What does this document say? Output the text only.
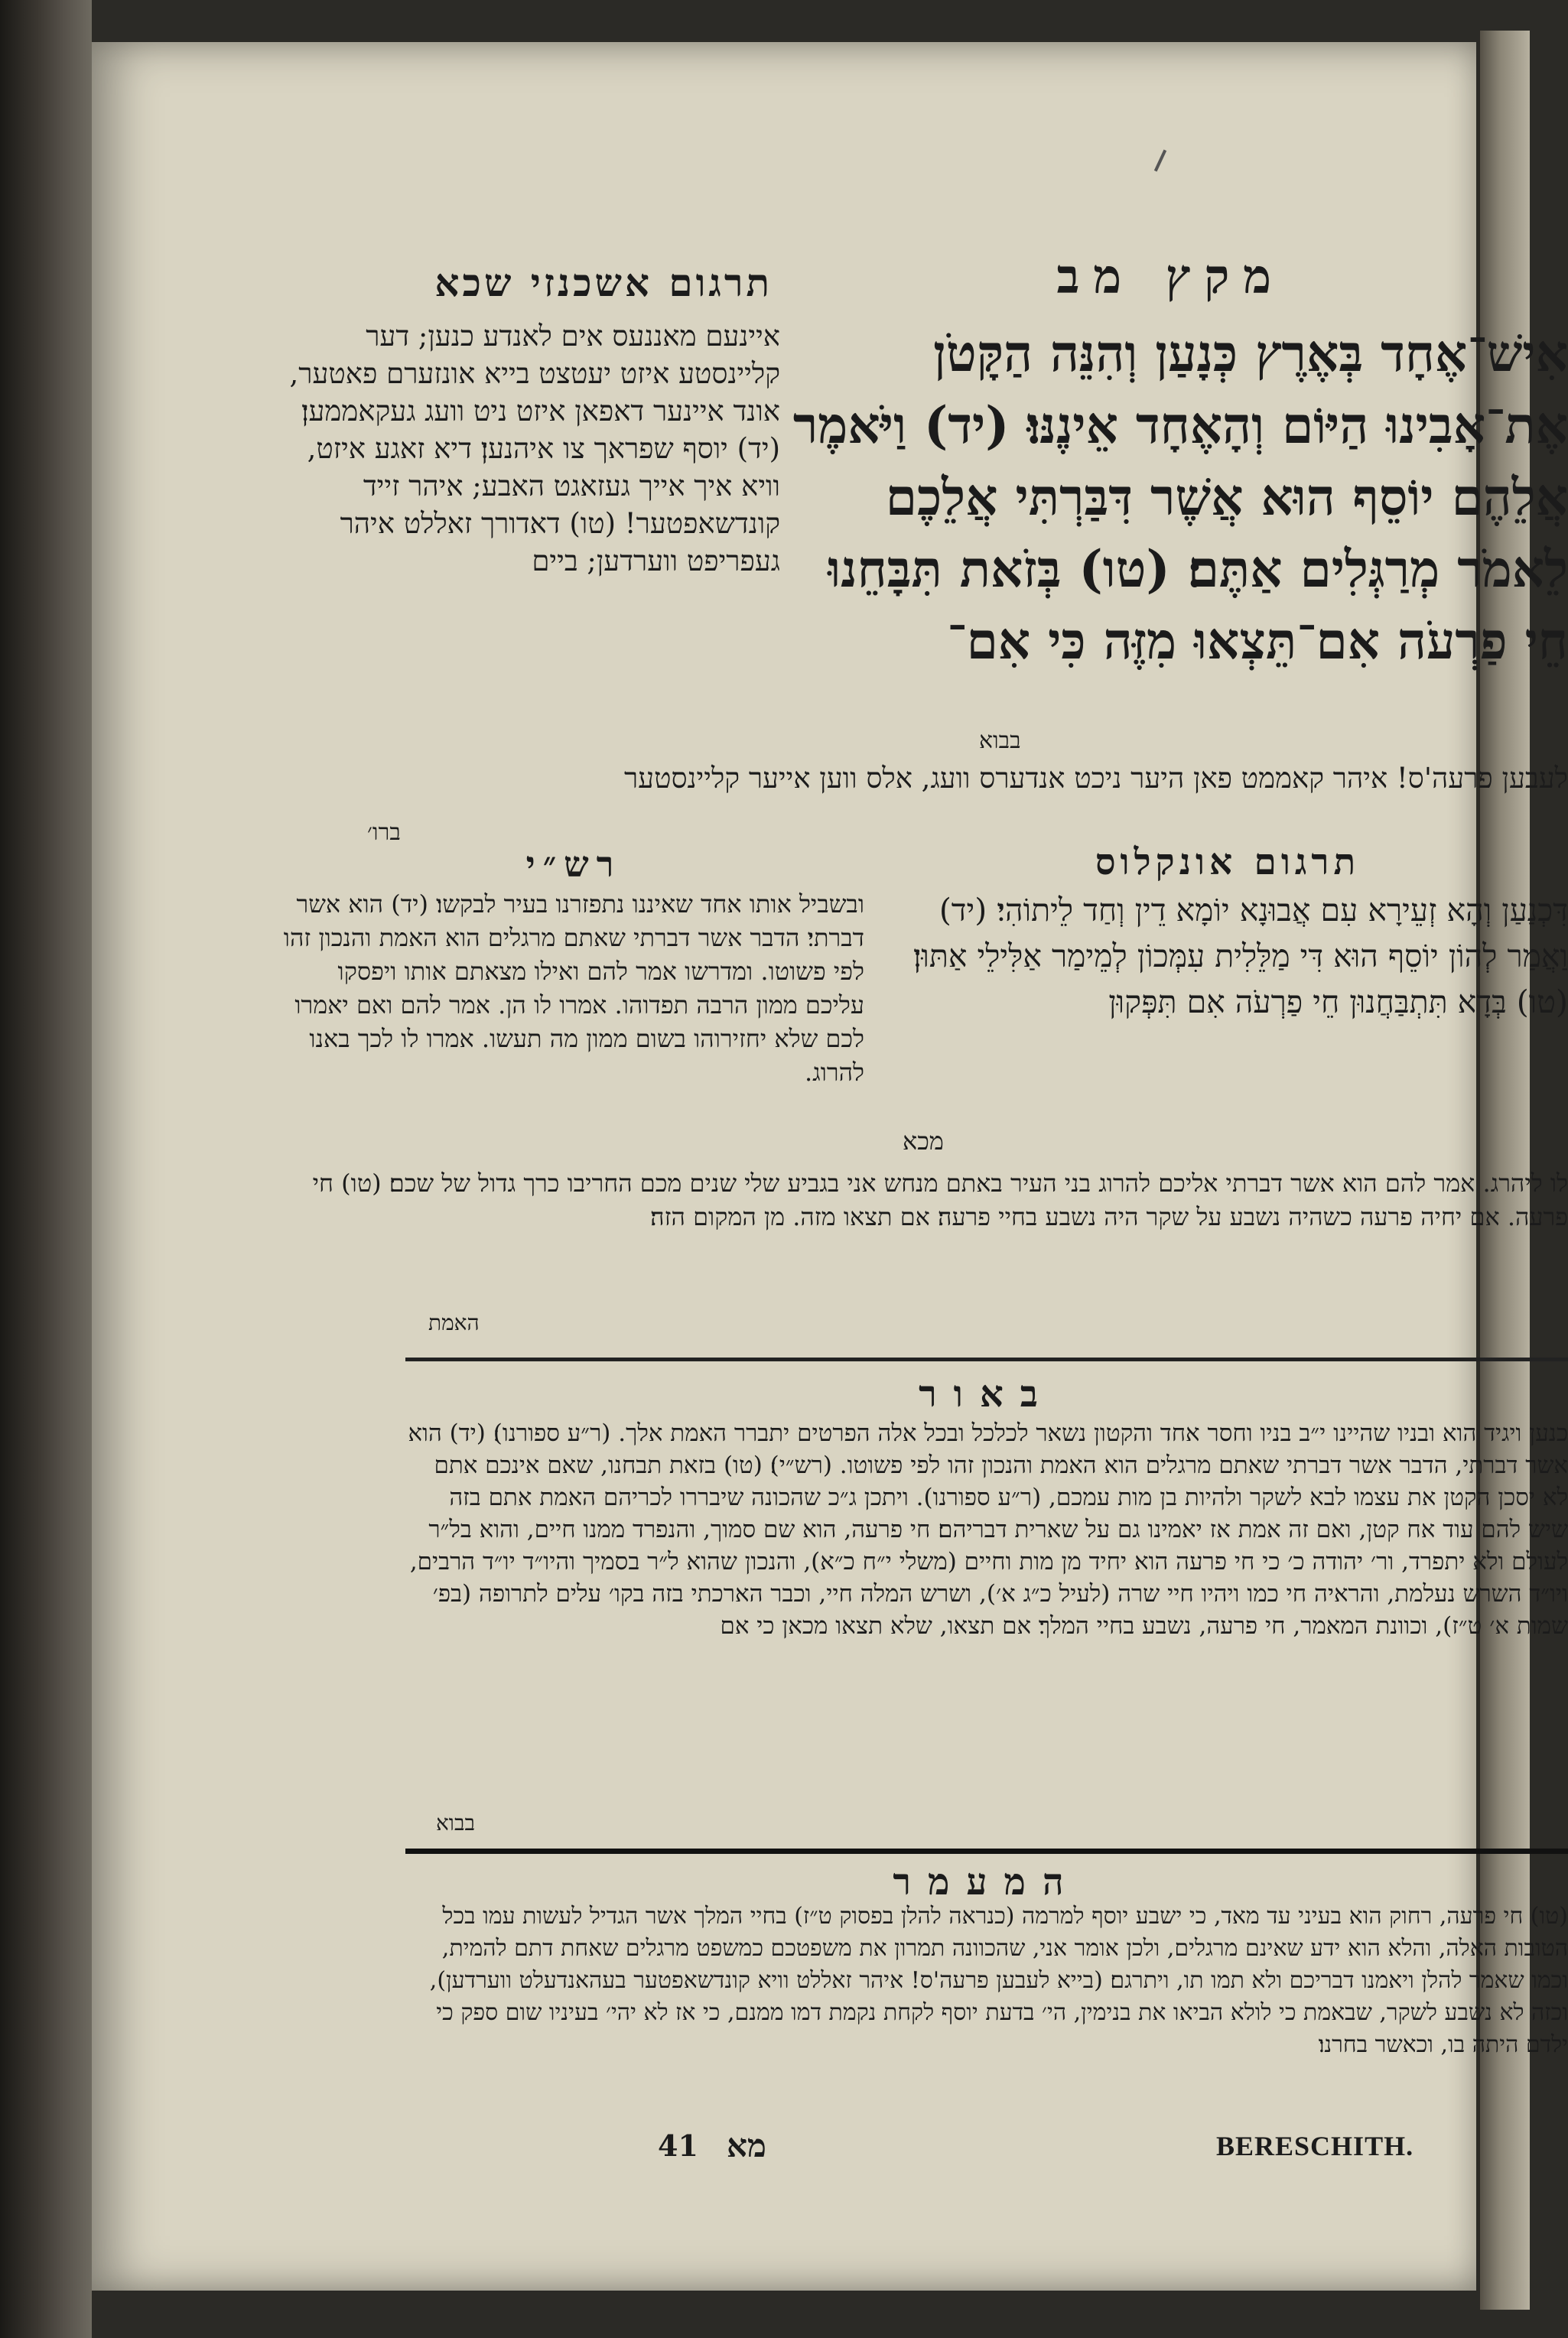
מקץ מב
תרגום אשכנזי שכא
אִישׁ־אֶחָד בְּאֶרֶץ כְּנָעַן וְהִנֵּה הַקָּטֹן אֶת־אָבִינוּ הַיּוֹם וְהָאֶחָד אֵינֶנּוּ׃ (יד) וַיֹּאמֶר אֲלֵהֶם יוֹסֵף הוּא אֲשֶׁר דִּבַּרְתִּי אֲלֵכֶם לֵאמֹר מְרַגְּלִים אַתֶּם׃ (טו) בְּזֹאת תִּבָּחֵנוּ חֵי פַרְעֹה אִם־תֵּצְאוּ מִזֶּה כִּי אִם־
בבוא
איינעם מאננעס אים לאנדע כנען; דער קליינסטע איזט יעטצט בייא אונזערם פאטער, אונד איינער דאפאן איזט ניט וועג געקאממען׃ (יד) יוסף שפראך צו איהנען׃ דיא זאגע איזט, וויא איך אייך געזאגט האבע; איהר זייד קונדשאפטער! (טו) דאדורך זאללט איהר געפריפט ווערדען; ביים
לעבען פרעה'ס! איהר קאממט פאן היער ניכט אנדערס וועג, אלס ווען אייער קליינסטער
ברו׳
תרגום אונקלוס
דִּכְנַעַן וְהָא זְעֵירָא עִם אֲבוּנָא יוֹמָא דֵין וְחַד לֵיתוֹהִי׃ (יד) וַאֲמַר לְהוֹן יוֹסֵף הוּא דִּי מַלֵּלִית עִמְּכוֹן לְמֵימַר אַלִּילֵי אַתּוּן׃ (טו) בְּדָא תִּתְבַּחֲנוּן חֵי פַרְעֹה אִם תִּפְּקוּן
מכא
רש״י
ובשביל אותו אחד שאיננו נתפזרנו בעיר לבקשו׃ (יד) הוא אשר דברתי׃ הדבר אשר דברתי שאתם מרגלים הוא האמת והנכון זהו לפי פשוטו. ומדרשו אמר להם ואילו מצאתם אותו ויפסקו עליכם ממון הרבה תפדוהו. אמרו לו הן. אמר להם ואם יאמרו לכם שלא יחזירוהו בשום ממון מה תעשו. אמרו לו לכך באנו להרוג.
לו ליהרג. אמר להם הוא אשר דברתי אליכם להרוג בני העיר באתם מנחש אני בגביע שלי שנים מכם החריבו כרך גדול של שכם׃ (טו) חי פרעה. אם יחיה פרעה כשהיה נשבע על שקר היה נשבע בחיי פרעה׃ אם תצאו מזה. מן המקום הזה׃
האמת
באור
כנען ויגיד הוא ובניו שהיינו י״ב בניו וחסר אחד והקטון נשאר לכלכל ובכל אלה הפרטים יתברר האמת אלך. (ר״ע ספורנו)׃ (יד) הוא אשר דברתי, הדבר אשר דברתי שאתם מרגלים הוא האמת והנכון זהו לפי פשוטו. (רש״י)׃ (טו) בזאת תבחנו, שאם אינכם אתם לא יסכן הקטן את עצמו לבא לשקר ולהיות בן מות עמכם, (ר״ע ספורנו). ויתכן ג״כ שהכונה שיבררו לכריהם האמת אתם בזה שיש להם עוד אח קטן, ואם זה אמת אז יאמינו גם על שארית דבריהם׃ חי פרעה, הוא שם סמוך, והנפרד ממנו חיים, והוא בל״ר לעולם ולא יתפרד, ור׳ יהודה כ׳ כי חי פרעה הוא יחיד מן מות וחיים (משלי י״ח כ״א), והנכון שהוא ל״ר בסמיך והיו״ד יו״ד הרבים, ויו״ד השרש נעלמת, והראיה חי כמו ויהיו חיי שרה (לעיל כ״ג א׳), ושרש המלה חיי, וכבר הארכתי בזה בקו׳ עלים לתרופה (בפ׳ שמות א׳ ט״ז), וכוונת המאמר, חי פרעה, נשבע בחיי המלך׃ אם תצאו, שלא תצאו מכאן כי אם
בבוא
המעמר
(טו) חי פרעה, רחוק הוא בעיני עד מאד, כי ישבע יוסף למרמה (כנראה להלן בפסוק ט״ז) בחיי המלך אשר הגדיל לעשות עמו בכל הטובות האלה, והלא הוא ידע שאינם מרגלים, ולכן אומר אני, שהכוונה תמרון את משפטכם כמשפט מרגלים שאחת דתם להמית, וכמו שאמר להלן ויאמנו דבריכם ולא תמו תו, ויתרגם׃ (בייא לעבען פרעה'ס! איהר זאללט וויא קונדשאפטער בעהאנדעלט ווערדען), וכזה לא נשבע לשקר, שבאמת כי לולא הביאו את בנימין, הי׳ בדעת יוסף לקחת נקמת דמו ממנם, כי אז לא יהי׳ בעיניו שום ספק כי ילדם היתה בו, וכאשר בחרנו׃
41 מא	BERESCHITH.
